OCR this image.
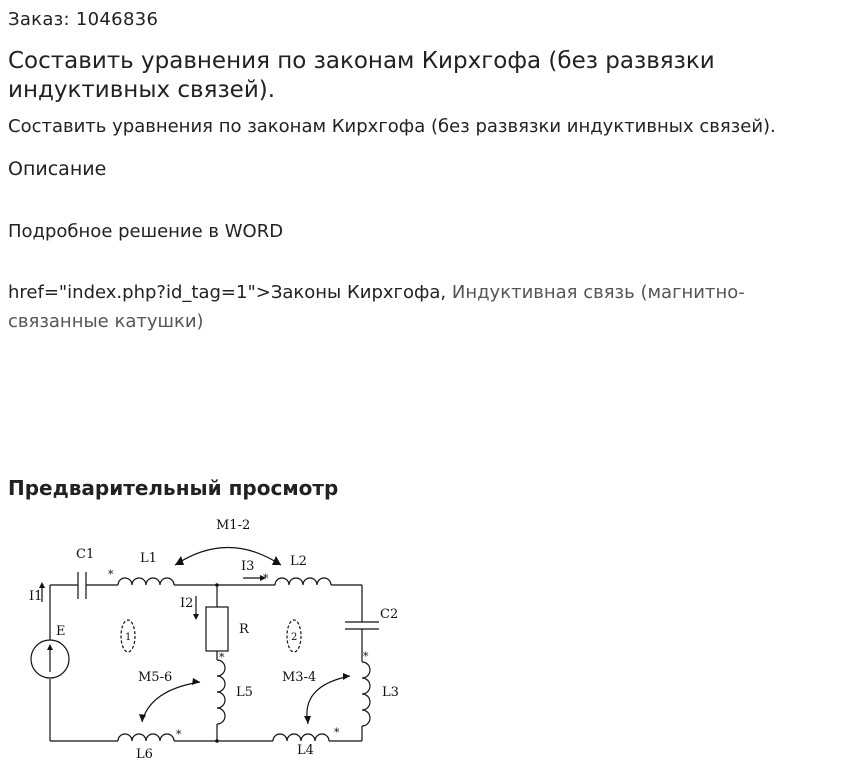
Заказ: 1046836
Составить уравнения по законам Кирхгофа (без развязки индуктивных связей).
Составить уравнения по законам Кирхгофа (без развязки индуктивных связей).
Описание
Подробное решение в WORD
href="index.php?id_tag=1">Законы Кирхгофа, Индуктивная связь (магнитно-связанные катушки)
Предварительный просмотр
C1	L1
M1-2
L2
I3
I1	I2
E	R
C2
1	2
M5-6	M3-4
L5	L3
L6	L4
*	*
*	*
*	*
